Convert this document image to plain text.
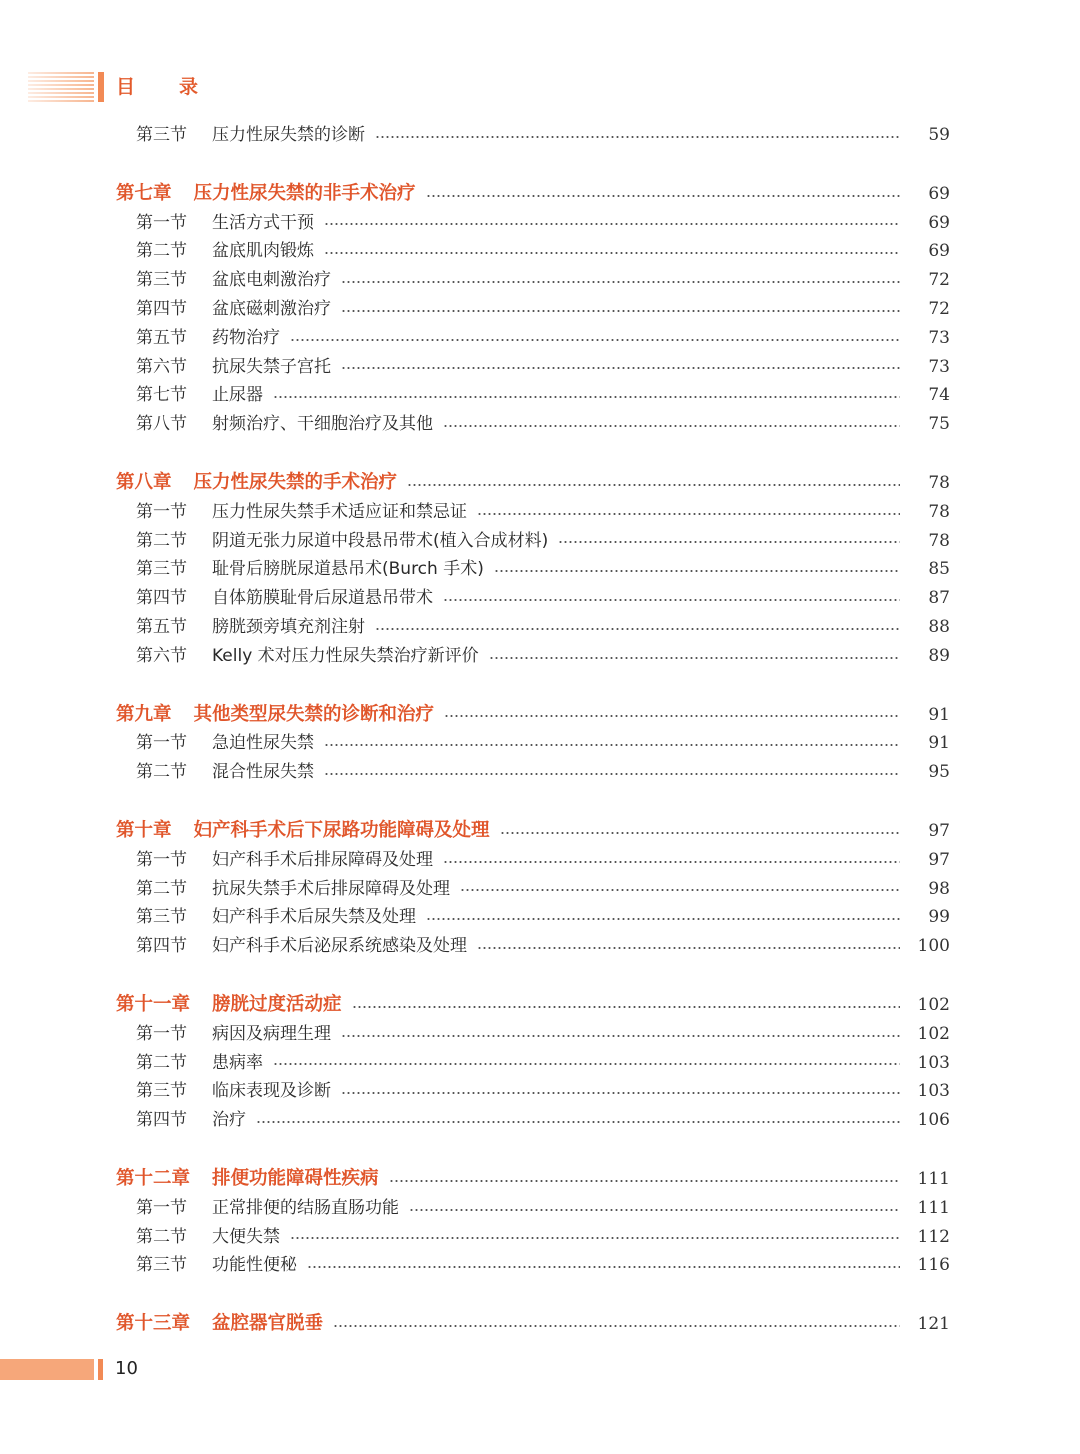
目录
第三节	压力性尿失禁的诊断	59
第七章 压力性尿失禁的非手术治疗	69
第一节	生活方式干预	69
第二节	盆底肌肉锻炼	69
第三节	盆底电刺激治疗	72
第四节	盆底磁刺激治疗	72
第五节	药物治疗	73
第六节	抗尿失禁子宫托	73
第七节	止尿器	74
第八节	射频治疗、干细胞治疗及其他	75
第八章 压力性尿失禁的手术治疗	78
第一节	压力性尿失禁手术适应证和禁忌证	78
第二节	阴道无张力尿道中段悬吊带术(植入合成材料)	78
第三节	耻骨后膀胱尿道悬吊术(Burch 手术)	85
第四节	自体筋膜耻骨后尿道悬吊带术	87
第五节	膀胱颈旁填充剂注射	88
第六节	Kelly 术对压力性尿失禁治疗新评价	89
第九章 其他类型尿失禁的诊断和治疗	91
第一节	急迫性尿失禁	91
第二节	混合性尿失禁	95
第十章 妇产科手术后下尿路功能障碍及处理	97
第一节	妇产科手术后排尿障碍及处理	97
第二节	抗尿失禁手术后排尿障碍及处理	98
第三节	妇产科手术后尿失禁及处理	99
第四节	妇产科手术后泌尿系统感染及处理	100
第十一章 膀胱过度活动症	102
第一节	病因及病理生理	102
第二节	患病率	103
第三节	临床表现及诊断	103
第四节	治疗	106
第十二章 排便功能障碍性疾病	111
第一节	正常排便的结肠直肠功能	111
第二节	大便失禁	112
第三节	功能性便秘	116
第十三章 盆腔器官脱垂	121
10
